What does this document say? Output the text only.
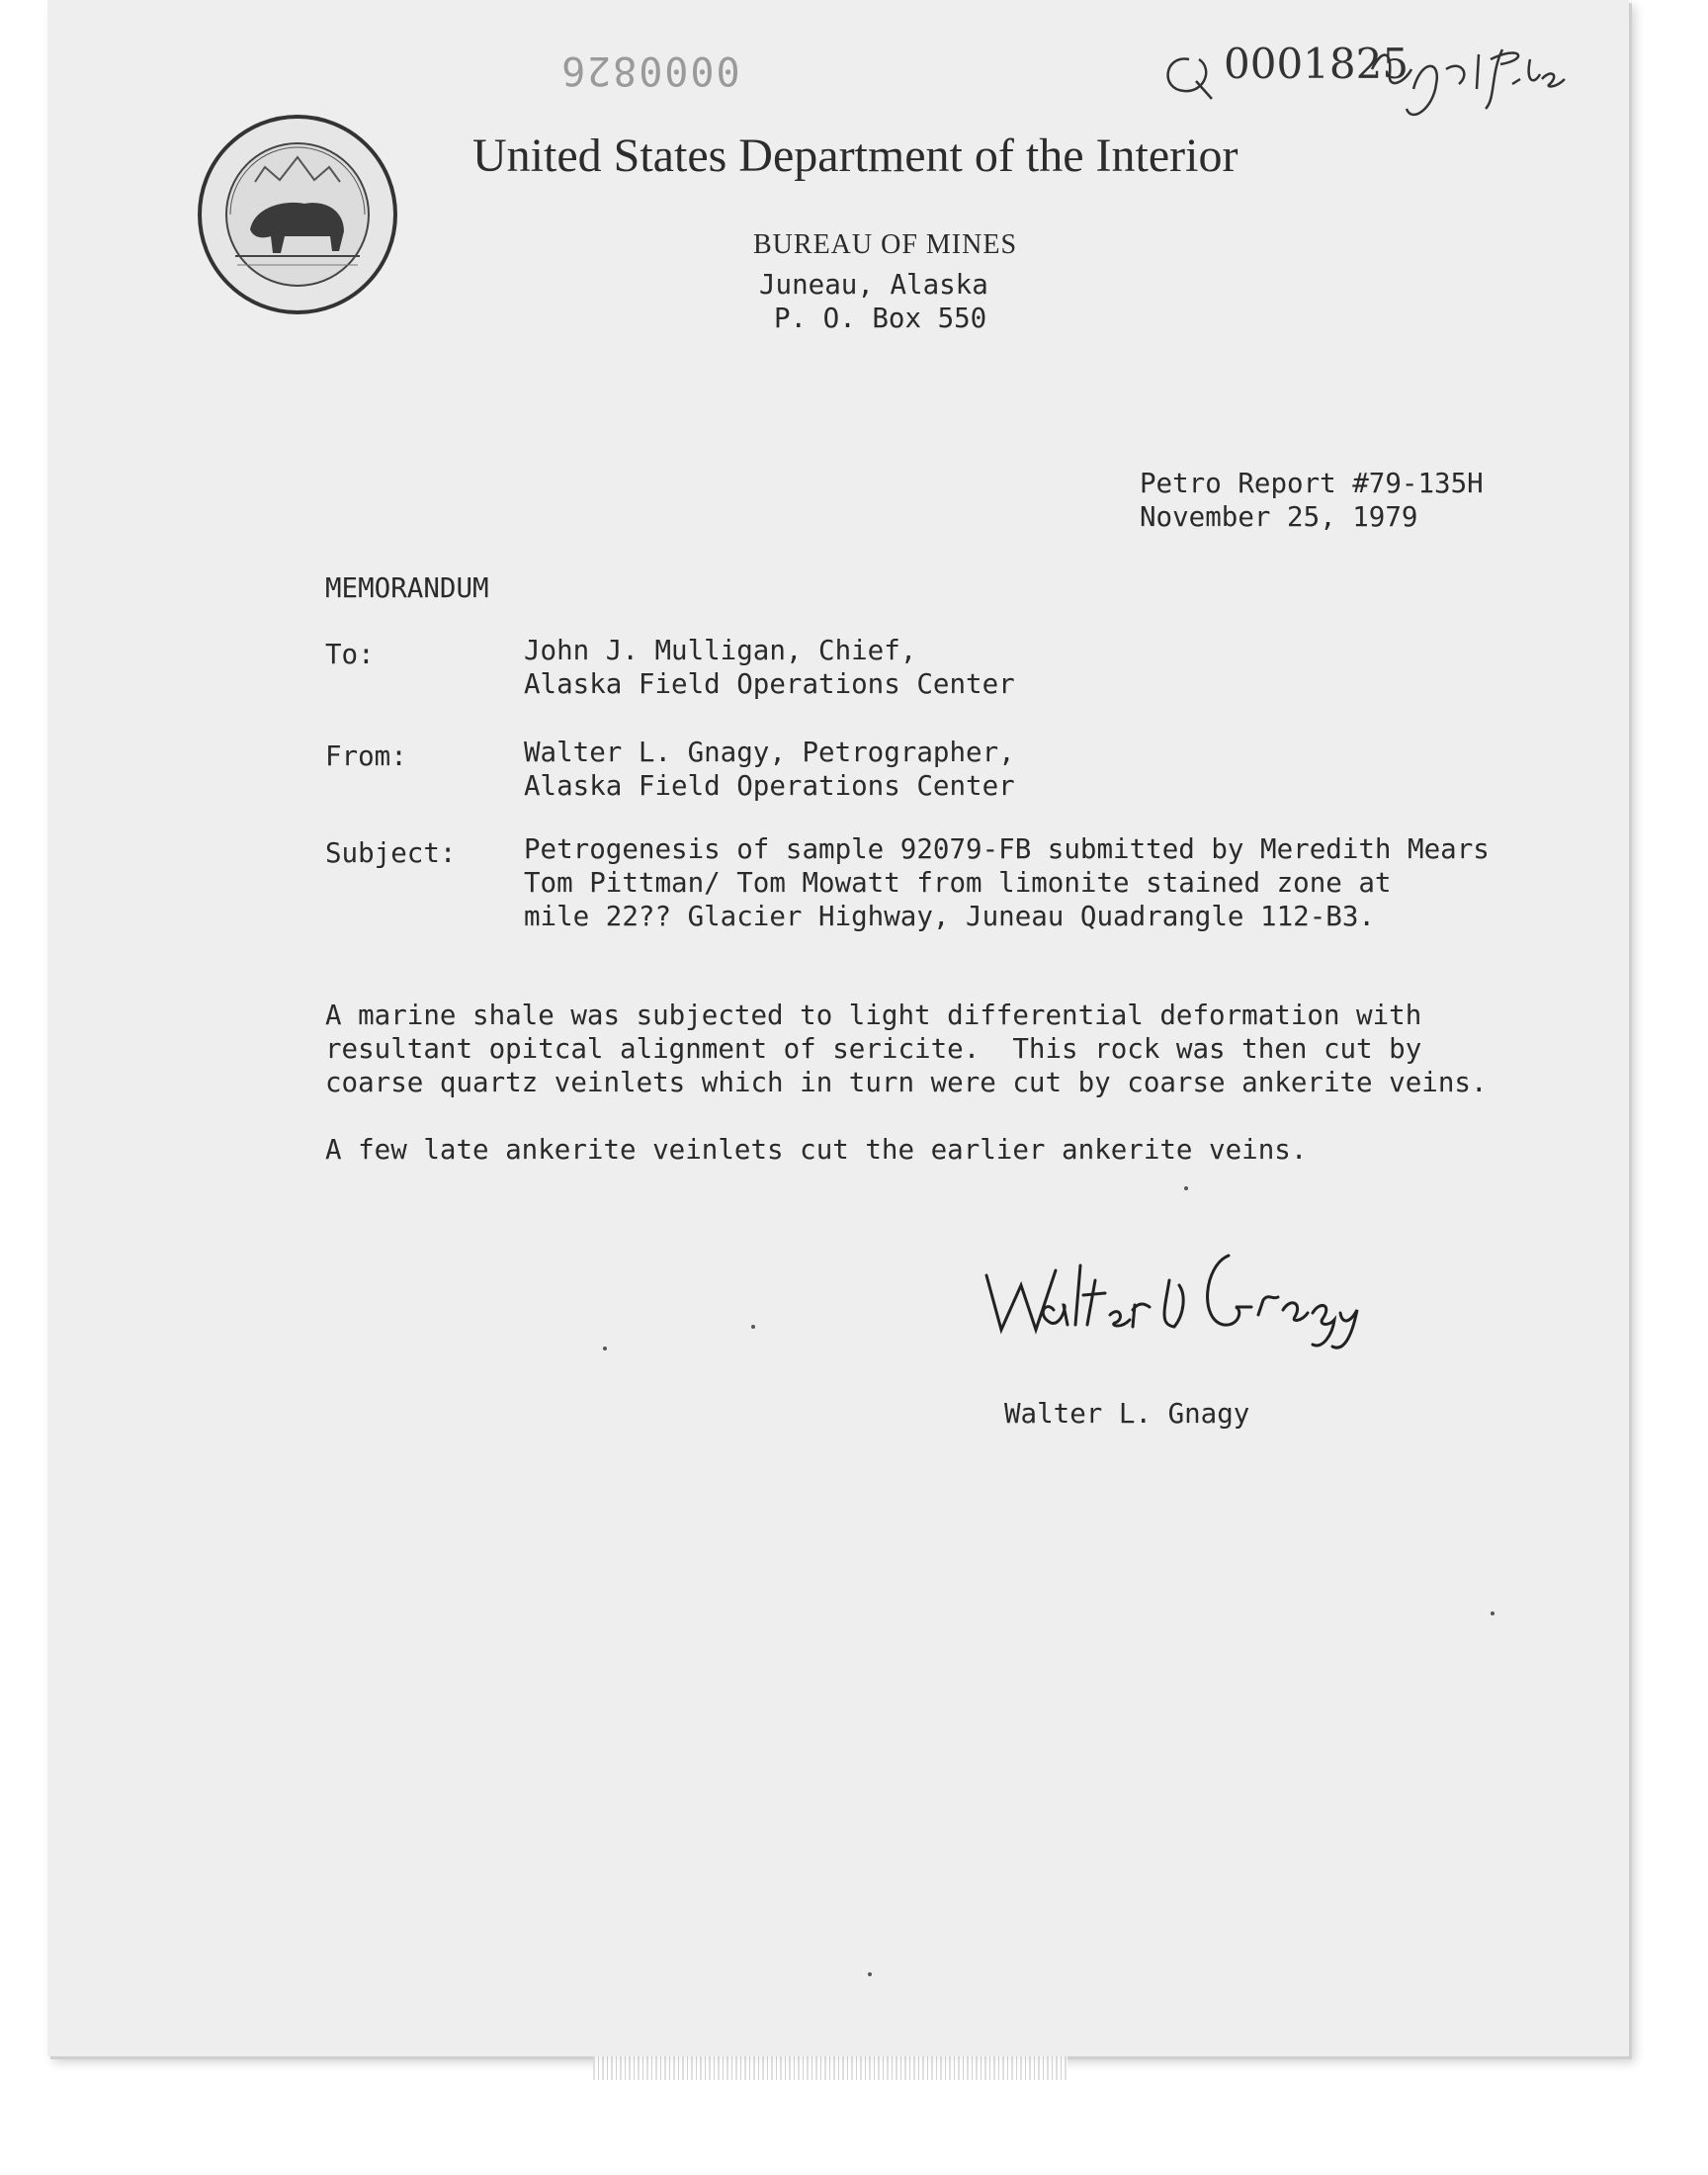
0000826	0001825
United States Department of the Interior
BUREAU OF MINES
Juneau, Alaska
P. O. Box 550
Petro Report #79-135H
November 25, 1979
MEMORANDUM
To:	John J. Mulligan, Chief,
Alaska Field Operations Center
From:	Walter L. Gnagy, Petrographer,
Alaska Field Operations Center
Subject: Petrogenesis of sample 92079-FB submitted by Meredith Mears
Tom Pittman/ Tom Mowatt from limonite stained zone at
mile 22?? Glacier Highway, Juneau Quadrangle 112-B3.
A marine shale was subjected to light differential deformation with
resultant opitcal alignment of sericite.  This rock was then cut by
coarse quartz veinlets which in turn were cut by coarse ankerite veins.
A few late ankerite veinlets cut the earlier ankerite veins.
Walter L. Gnagy
